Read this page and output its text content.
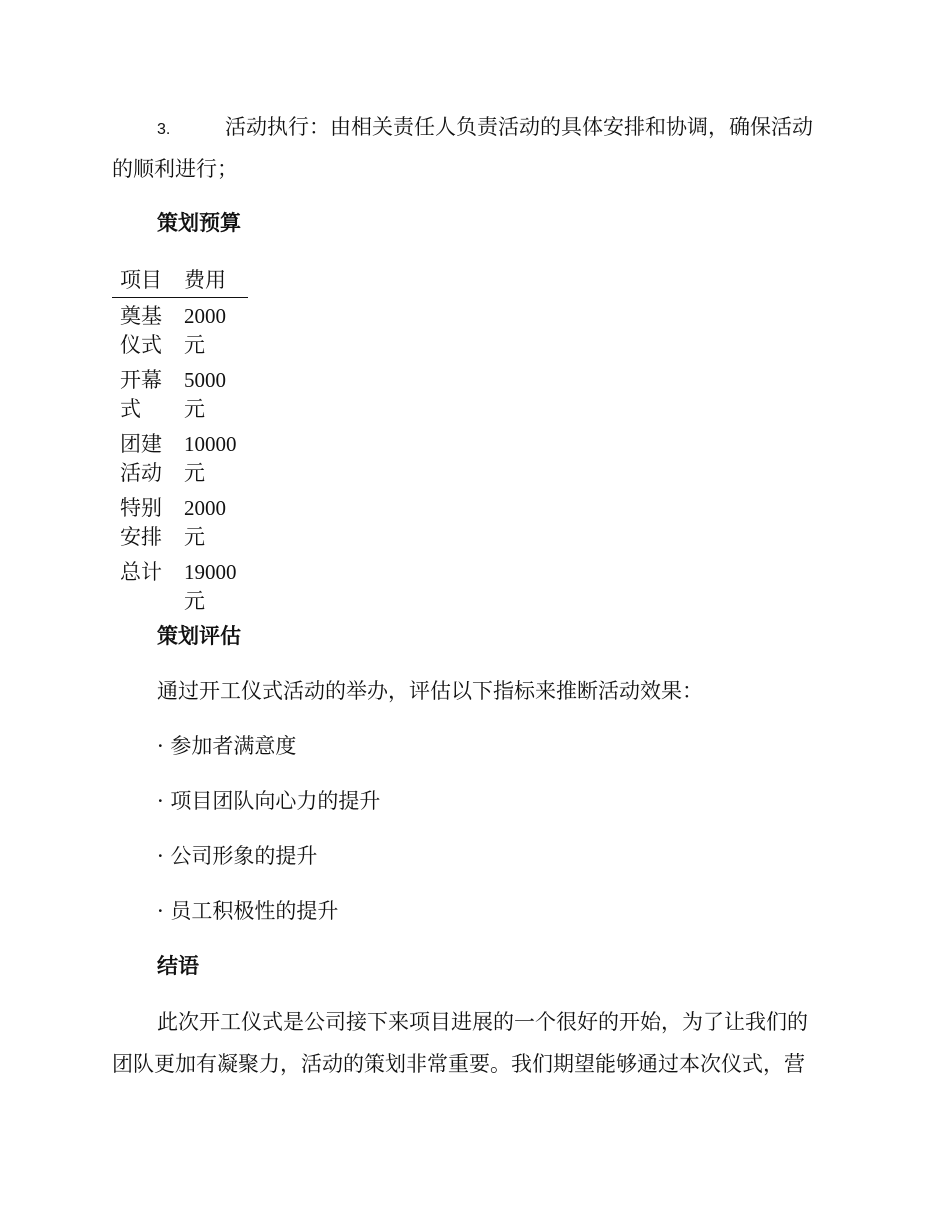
3.	活动执行：由相关责任人负责活动的具体安排和协调，确保活动

的顺利进行；

策划预算

项目	费用
奠基
仪式	2000
元
开幕
式	5000
元
团建
活动	10000
元
特别
安排	2000
元
总计	19000
元

策划评估

通过开工仪式活动的举办，评估以下指标来推断活动效果：

· 参加者满意度

· 项目团队向心力的提升

· 公司形象的提升

· 员工积极性的提升

结语

此次开工仪式是公司接下来项目进展的一个很好的开始，为了让我们的

团队更加有凝聚力，活动的策划非常重要。我们期望能够通过本次仪式，营
